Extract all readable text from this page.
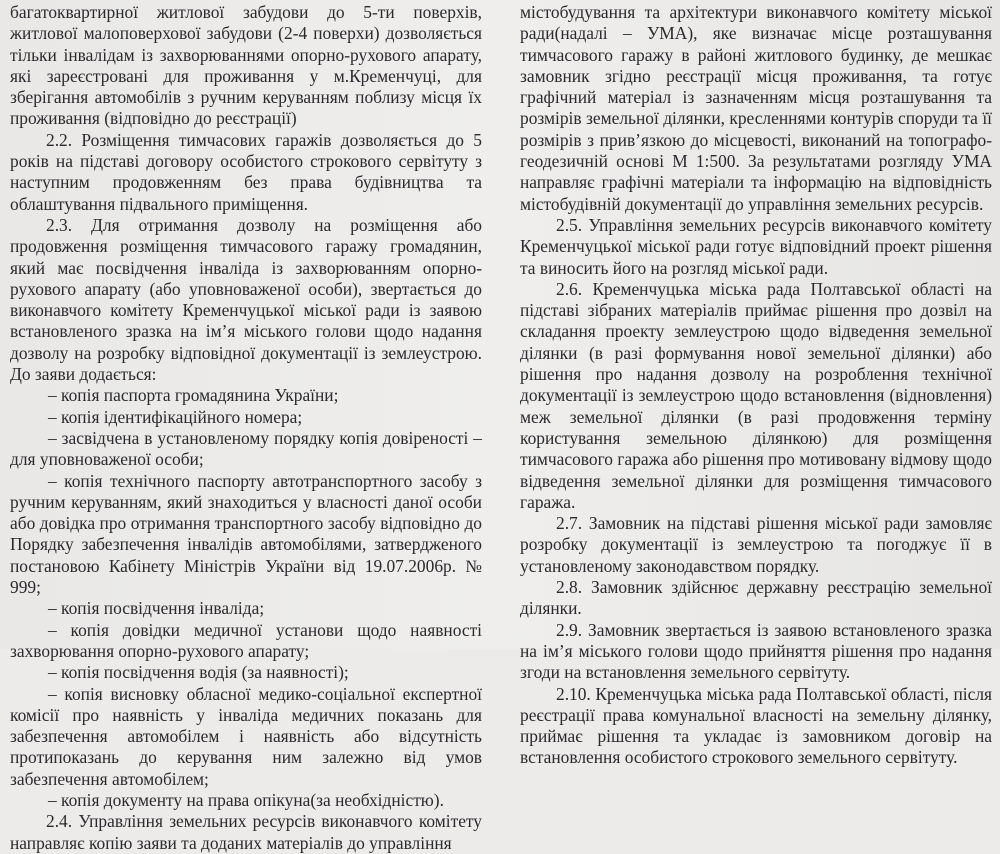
багатоквартирної житлової забудови до 5-ти поверхів, житлової малоповерхової забудови (2-4 поверхи) дозволяється тільки інвалідам із захворюваннями опорно-рухового апарату, які зареєстровані для проживання у м.Кременчуці, для зберігання автомобілів з ручним керуванням поблизу місця їх проживання (відповідно до реєстрації)

2.2. Розміщення тимчасових гаражів дозволяється до 5 років на підставі договору особистого строкового сервітуту з наступним продовженням без права будівництва та облаштування підвального приміщення.

2.3. Для отримання дозволу на розміщення або продовження розміщення тимчасового гаражу громадянин, який має посвідчення інваліда із захворюванням опорно-рухового апарату (або уповноваженої особи), звертається до виконавчого комітету Кременчуцької міської ради із заявою встановленого зразка на ім’я міського голови щодо надання дозволу на розробку відповідної документації із землеустрою. До заяви додається:

– копія паспорта громадянина України;

– копія ідентифікаційного номера;

– засвідчена в установленому порядку копія довіреності – для уповноваженої особи;

– копія технічного паспорту автотранспортного засобу з ручним керуванням, який знаходиться у власності даної особи або довідка про отримання транспортного засобу відповідно до Порядку забезпечення інвалідів автомобілями, затвердженого постановою Кабінету Міністрів України від 19.07.2006р. № 999;

– копія посвідчення інваліда;

– копія довідки медичної установи щодо наявності захворювання опорно-рухового апарату;

– копія посвідчення водія (за наявності);

– копія висновку обласної медико-соціальної експертної комісії про наявність у інваліда медичних показань для забезпечення автомобілем і наявність або відсутність протипоказань до керування ним залежно від умов забезпечення автомобілем;

– копія документу на права опікуна(за необхідністю).

2.4. Управління земельних ресурсів виконавчого комітету направляє копію заяви та доданих матеріалів до управління

містобудування та архітектури виконавчого комітету міської ради(надалі – УМА), яке визначає місце розташування тимчасового гаражу в районі житлового будинку, де мешкає замовник згідно реєстрації місця проживання, та готує графічний матеріал із зазначенням місця розташування та розмірів земельної ділянки, кресленнями контурів споруди та її розмірів з прив’язкою до місцевості, виконаний на топографо-геодезичній основі М 1:500. За результатами розгляду УМА направляє графічні матеріали та інформацію на відповідність містобудівній документації до управління земельних ресурсів.

2.5. Управління земельних ресурсів виконавчого комітету Кременчуцької міської ради готує відповідний проект рішення та виносить його на розгляд міської ради.

2.6. Кременчуцька міська рада Полтавської області на підставі зібраних матеріалів приймає рішення про дозвіл на складання проекту землеустрою щодо відведення земельної ділянки (в разі формування нової земельної ділянки) або рішення про надання дозволу на розроблення технічної документації із землеустрою щодо встановлення (відновлення) меж земельної ділянки (в разі продовження терміну користування земельною ділянкою) для розміщення тимчасового гаража або рішення про мотивовану відмову щодо відведення земельної ділянки для розміщення тимчасового гаража.

2.7. Замовник на підставі рішення міської ради замовляє розробку документації із землеустрою та погоджує її в установленому законодавством порядку.

2.8. Замовник здійснює державну реєстрацію земельної ділянки.

2.9. Замовник звертається із заявою встановленого зразка на ім’я міського голови щодо прийняття рішення про надання згоди на встановлення земельного сервітуту.

2.10. Кременчуцька міська рада Полтавської області, після реєстрації права комунальної власності на земельну ділянку, приймає рішення та укладає із замовником договір на встановлення особистого строкового земельного сервітуту.
